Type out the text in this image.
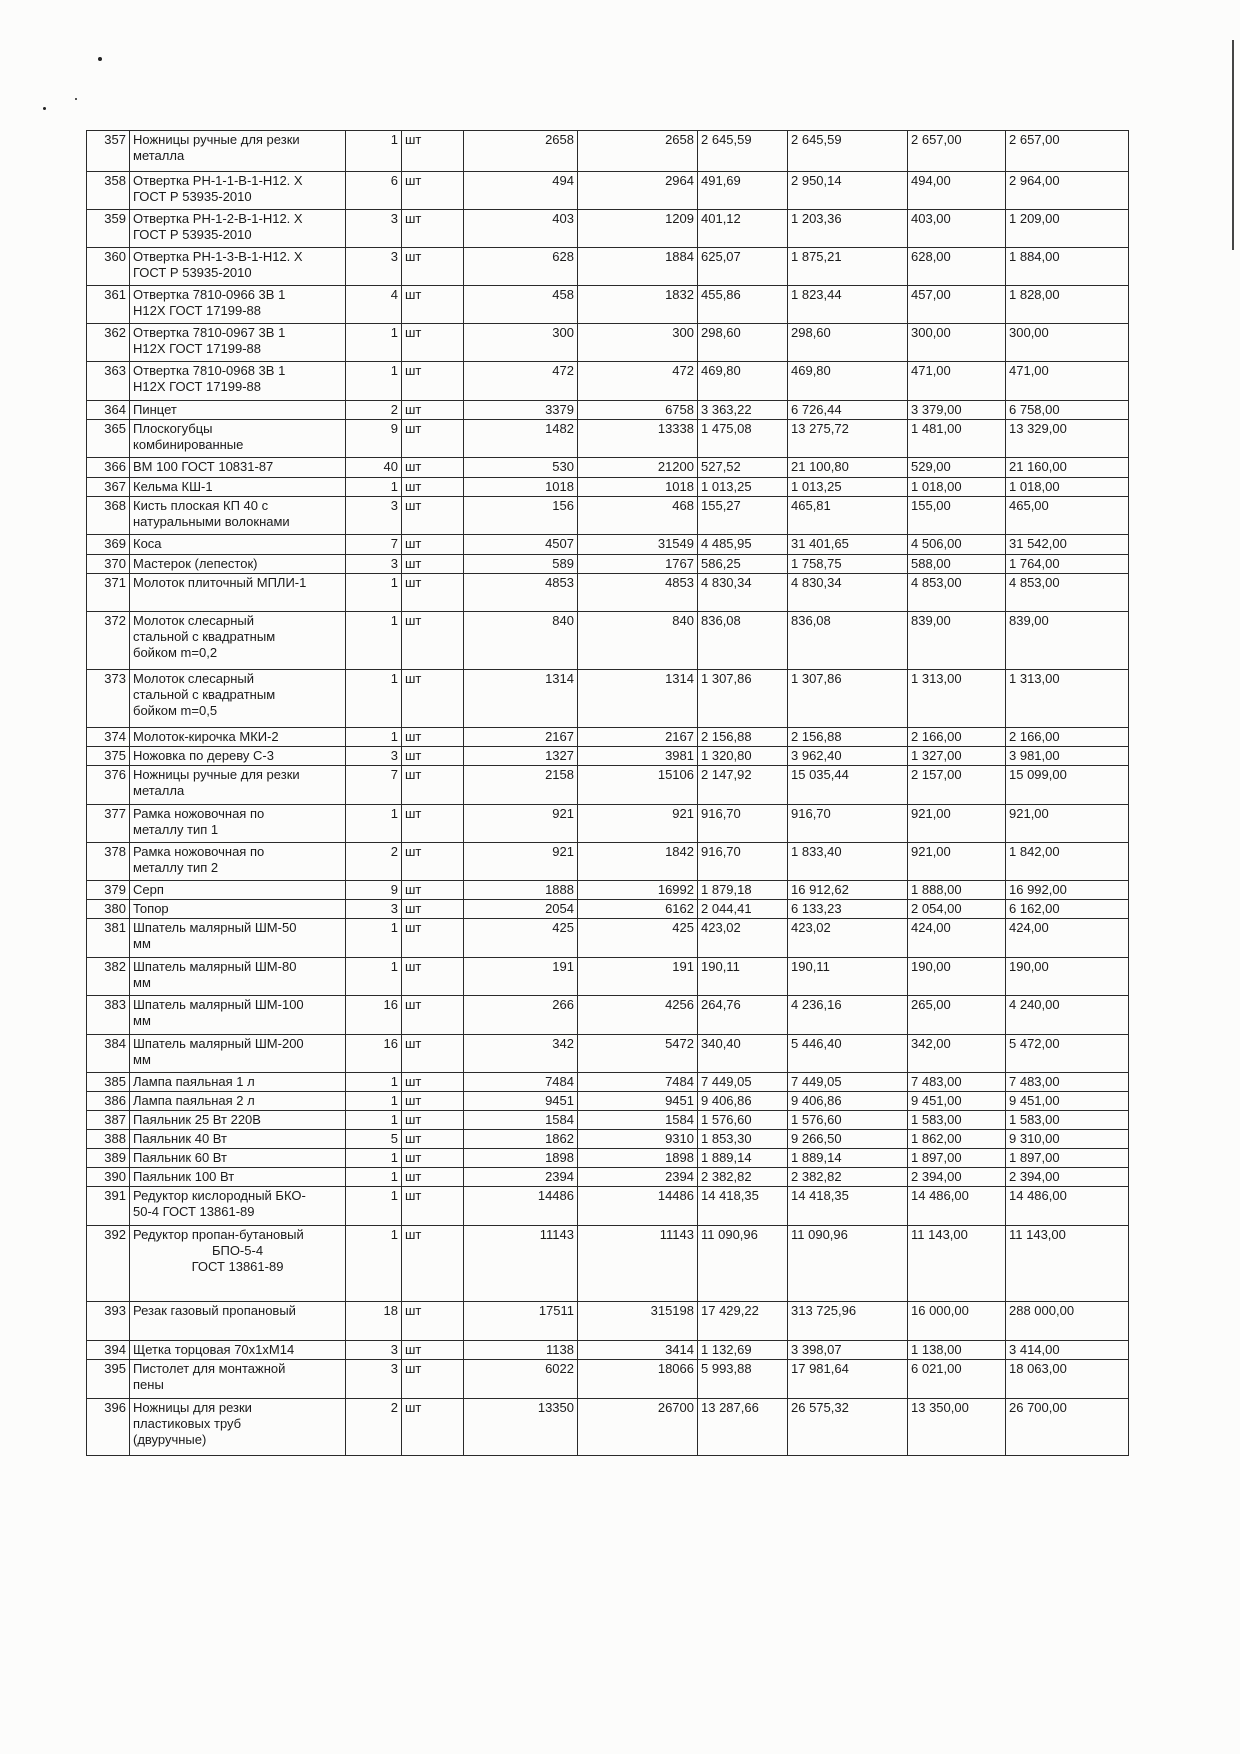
357	Ножницы ручные для резки
металла	1	шт	2658	2658	2 645,59	2 645,59	2 657,00	2 657,00
358	Отвертка РН-1-1-В-1-Н12. Х
ГОСТ Р 53935-2010	6	шт	494	2964	491,69	2 950,14	494,00	2 964,00
359	Отвертка РН-1-2-В-1-Н12. Х
ГОСТ Р 53935-2010	3	шт	403	1209	401,12	1 203,36	403,00	1 209,00
360	Отвертка РН-1-3-В-1-Н12. Х
ГОСТ Р 53935-2010	3	шт	628	1884	625,07	1 875,21	628,00	1 884,00
361	Отвертка 7810-0966 3В 1
Н12Х ГОСТ 17199-88	4	шт	458	1832	455,86	1 823,44	457,00	1 828,00
362	Отвертка 7810-0967 3В 1
Н12Х ГОСТ 17199-88	1	шт	300	300	298,60	298,60	300,00	300,00
363	Отвертка 7810-0968 3В 1
Н12Х ГОСТ 17199-88	1	шт	472	472	469,80	469,80	471,00	471,00
364	Пинцет	2	шт	3379	6758	3 363,22	6 726,44	3 379,00	6 758,00
365	Плоскогубцы
комбинированные	9	шт	1482	13338	1 475,08	13 275,72	1 481,00	13 329,00
366	ВМ 100 ГОСТ 10831-87	40	шт	530	21200	527,52	21 100,80	529,00	21 160,00
367	Кельма КШ-1	1	шт	1018	1018	1 013,25	1 013,25	1 018,00	1 018,00
368	Кисть плоская КП 40 с
натуральными волокнами	3	шт	156	468	155,27	465,81	155,00	465,00
369	Коса	7	шт	4507	31549	4 485,95	31 401,65	4 506,00	31 542,00
370	Мастерок (лепесток)	3	шт	589	1767	586,25	1 758,75	588,00	1 764,00
371	Молоток плиточный МПЛИ-1	1	шт	4853	4853	4 830,34	4 830,34	4 853,00	4 853,00
372	Молоток слесарный
стальной с квадратным
бойком m=0,2	1	шт	840	840	836,08	836,08	839,00	839,00
373	Молоток слесарный
стальной с квадратным
бойком m=0,5	1	шт	1314	1314	1 307,86	1 307,86	1 313,00	1 313,00
374	Молоток-кирочка МКИ-2	1	шт	2167	2167	2 156,88	2 156,88	2 166,00	2 166,00
375	Ножовка по дереву С-3	3	шт	1327	3981	1 320,80	3 962,40	1 327,00	3 981,00
376	Ножницы ручные для резки
металла	7	шт	2158	15106	2 147,92	15 035,44	2 157,00	15 099,00
377	Рамка ножовочная по
металлу тип 1	1	шт	921	921	916,70	916,70	921,00	921,00
378	Рамка ножовочная по
металлу тип 2	2	шт	921	1842	916,70	1 833,40	921,00	1 842,00
379	Серп	9	шт	1888	16992	1 879,18	16 912,62	1 888,00	16 992,00
380	Топор	3	шт	2054	6162	2 044,41	6 133,23	2 054,00	6 162,00
381	Шпатель малярный ШМ-50
мм	1	шт	425	425	423,02	423,02	424,00	424,00
382	Шпатель малярный ШМ-80
мм	1	шт	191	191	190,11	190,11	190,00	190,00
383	Шпатель малярный ШМ-100
мм	16	шт	266	4256	264,76	4 236,16	265,00	4 240,00
384	Шпатель малярный ШМ-200
мм	16	шт	342	5472	340,40	5 446,40	342,00	5 472,00
385	Лампа паяльная 1 л	1	шт	7484	7484	7 449,05	7 449,05	7 483,00	7 483,00
386	Лампа паяльная 2 л	1	шт	9451	9451	9 406,86	9 406,86	9 451,00	9 451,00
387	Паяльник 25 Вт 220В	1	шт	1584	1584	1 576,60	1 576,60	1 583,00	1 583,00
388	Паяльник 40 Вт	5	шт	1862	9310	1 853,30	9 266,50	1 862,00	9 310,00
389	Паяльник 60 Вт	1	шт	1898	1898	1 889,14	1 889,14	1 897,00	1 897,00
390	Паяльник 100 Вт	1	шт	2394	2394	2 382,82	2 382,82	2 394,00	2 394,00
391	Редуктор кислородный БКО-
50-4 ГОСТ 13861-89	1	шт	14486	14486	14 418,35	14 418,35	14 486,00	14 486,00
392	Редуктор пропан-бутановый
БПО-5-4
ГОСТ 13861-89	1	шт	11143	11143	11 090,96	11 090,96	11 143,00	11 143,00
393	Резак газовый пропановый	18	шт	17511	315198	17 429,22	313 725,96	16 000,00	288 000,00
394	Щетка торцовая 70х1хМ14	3	шт	1138	3414	1 132,69	3 398,07	1 138,00	3 414,00
395	Пистолет для монтажной
пены	3	шт	6022	18066	5 993,88	17 981,64	6 021,00	18 063,00
396	Ножницы для резки
пластиковых труб
(двуручные)	2	шт	13350	26700	13 287,66	26 575,32	13 350,00	26 700,00
